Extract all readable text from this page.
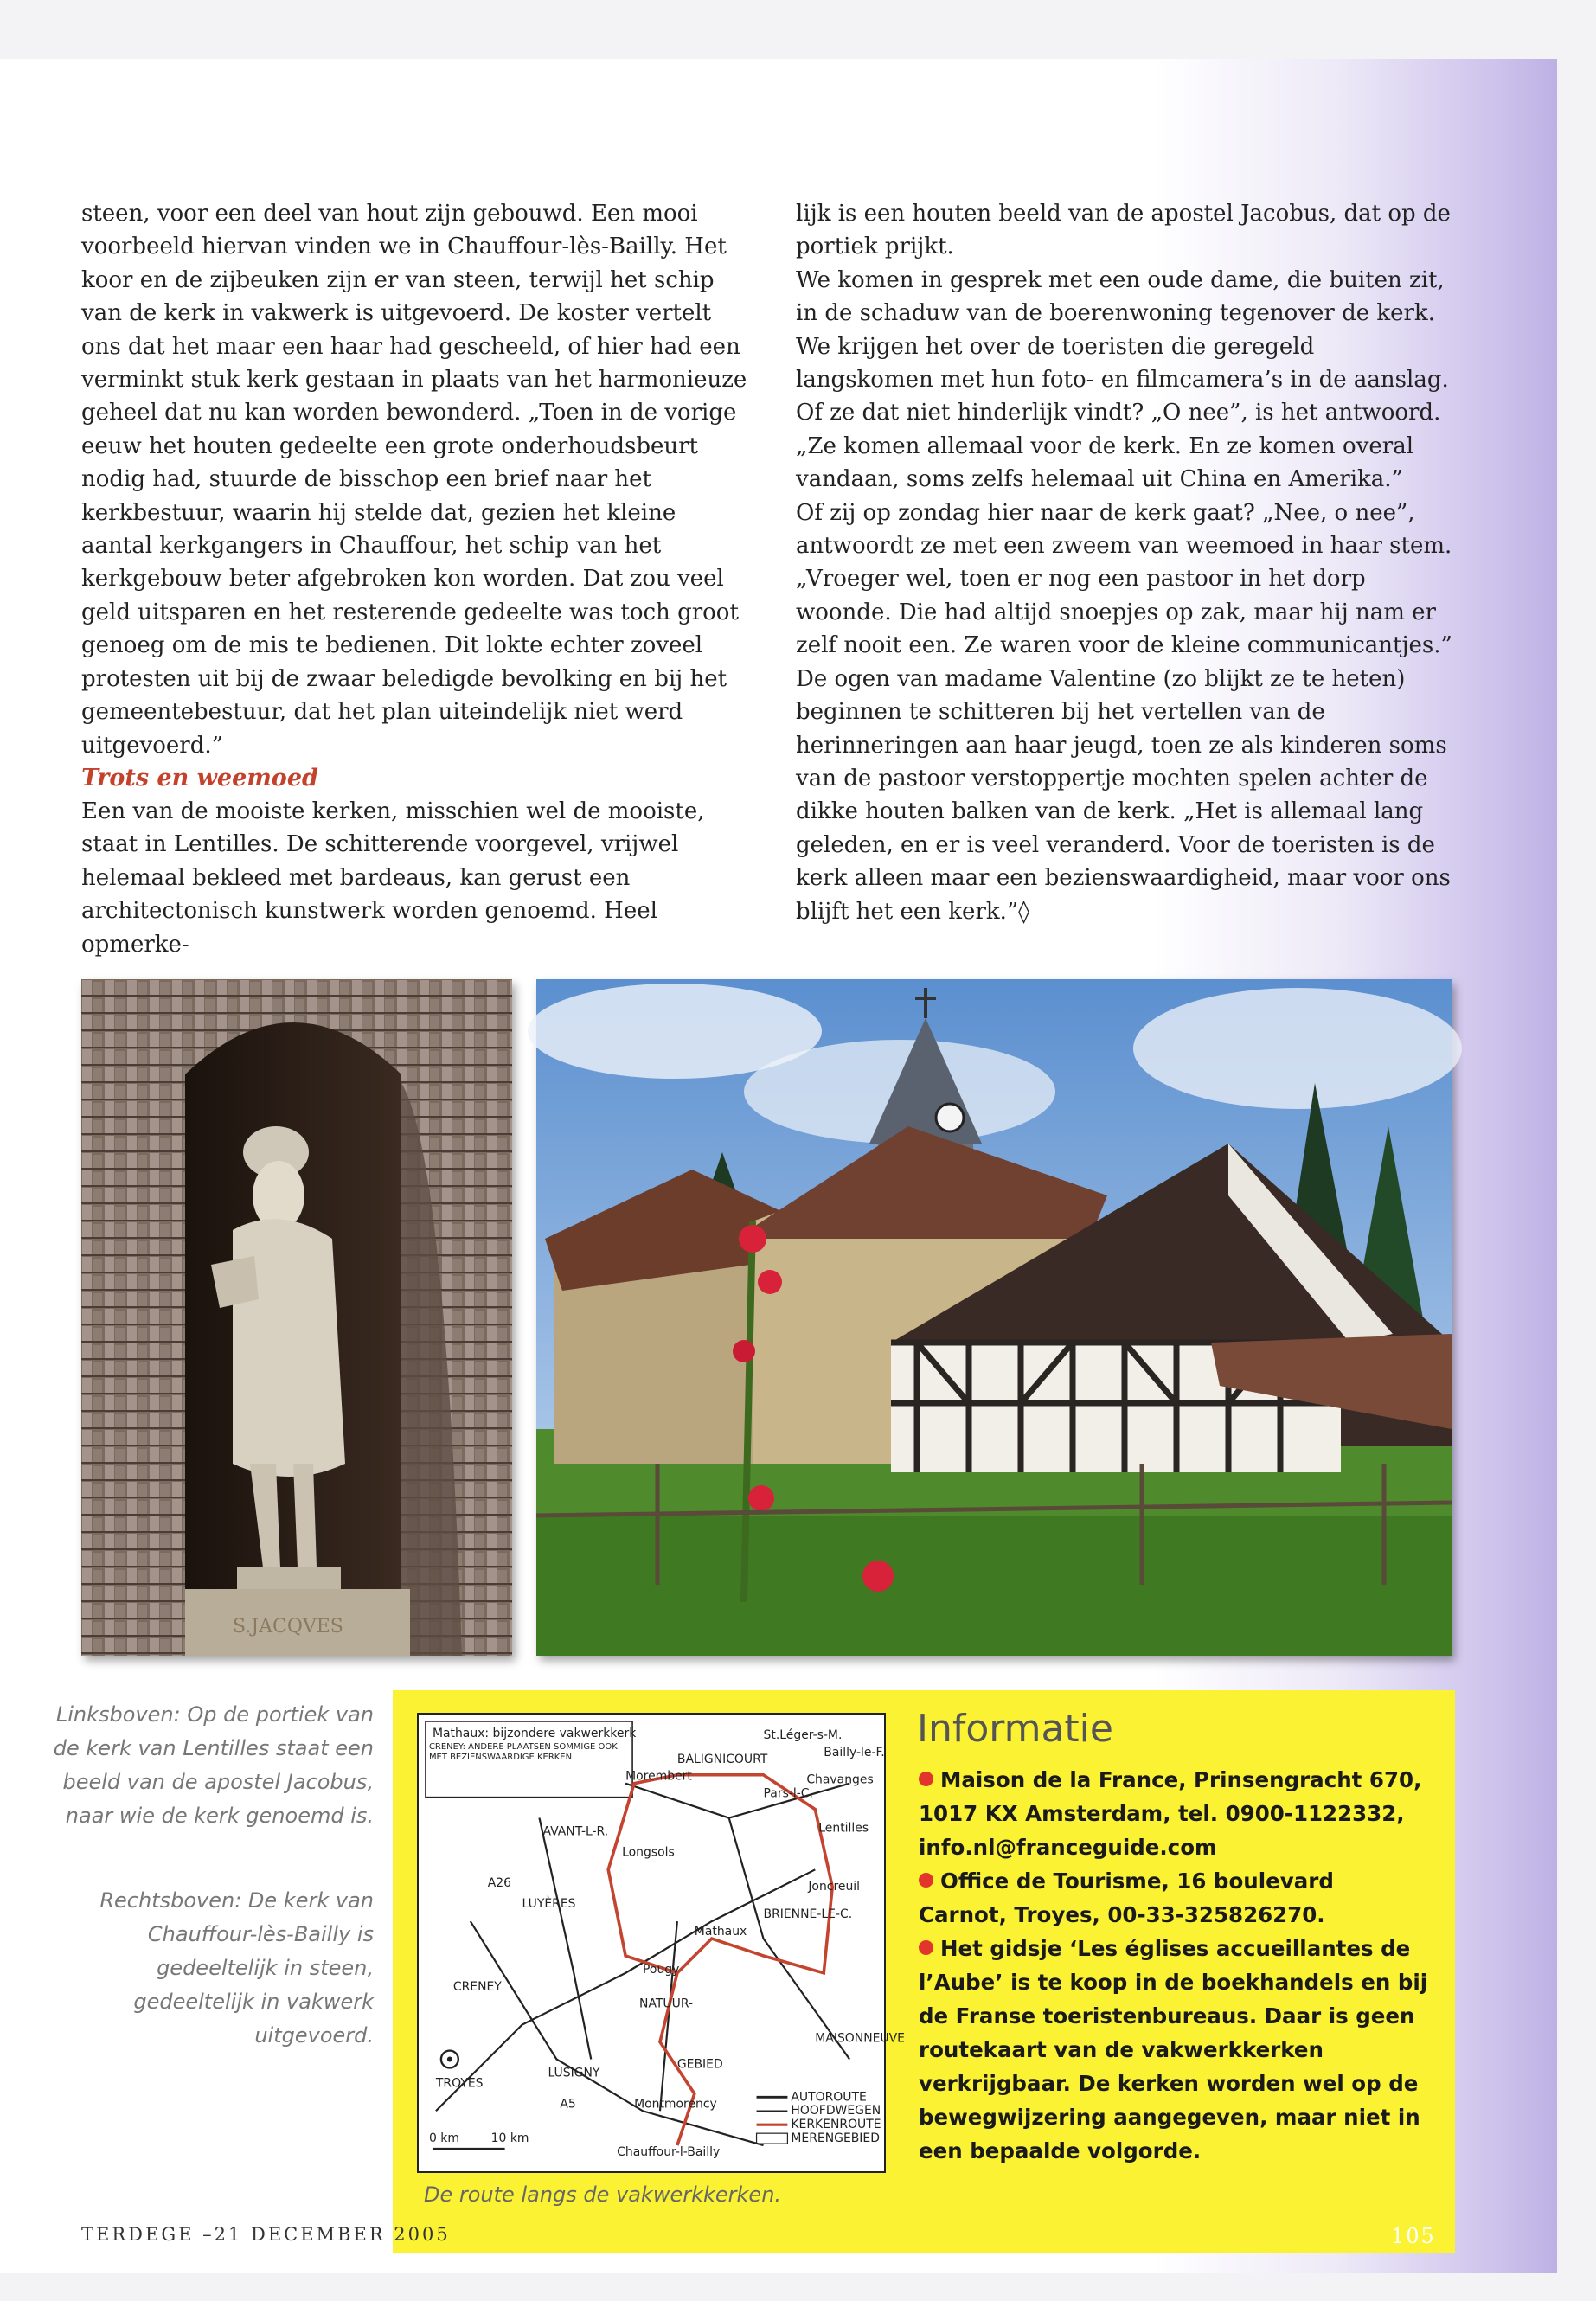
steen, voor een deel van hout zijn gebouwd. Een mooi voorbeeld hiervan vinden we in Chauffour-lès-Bailly. Het koor en de zijbeuken zijn er van steen, terwijl het schip van de kerk in vakwerk is uitgevoerd. De koster vertelt ons dat het maar een haar had gescheeld, of hier had een verminkt stuk kerk gestaan in plaats van het harmonieuze geheel dat nu kan worden bewonderd. „Toen in de vorige eeuw het houten gedeelte een grote onderhoudsbeurt nodig had, stuurde de bisschop een brief naar het kerkbestuur, waarin hij stelde dat, gezien het kleine aantal kerkgangers in Chauffour, het schip van het kerkgebouw beter afgebroken kon worden. Dat zou veel geld uitsparen en het resterende gedeelte was toch groot genoeg om de mis te bedienen. Dit lokte echter zoveel protesten uit bij de zwaar beledigde bevolking en bij het gemeentebestuur, dat het plan uiteindelijk niet werd uitgevoerd.”

Trots en weemoed

Een van de mooiste kerken, misschien wel de mooiste, staat in Lentilles. De schitterende voorgevel, vrijwel helemaal bekleed met bardeaus, kan gerust een architectonisch kunstwerk worden genoemd. Heel opmerke-

lijk is een houten beeld van de apostel Jacobus, dat op de portiek prijkt.

We komen in gesprek met een oude dame, die buiten zit, in de schaduw van de boerenwoning tegenover de kerk. We krijgen het over de toeristen die geregeld langskomen met hun foto- en filmcamera’s in de aanslag. Of ze dat niet hinderlijk vindt? „O nee”, is het antwoord. „Ze komen allemaal voor de kerk. En ze komen overal vandaan, soms zelfs helemaal uit China en Amerika.”

Of zij op zondag hier naar de kerk gaat? „Nee, o nee”, antwoordt ze met een zweem van weemoed in haar stem. „Vroeger wel, toen er nog een pastoor in het dorp woonde. Die had altijd snoepjes op zak, maar hij nam er zelf nooit een. Ze waren voor de kleine communicantjes.” De ogen van madame Valentine (zo blijkt ze te heten) beginnen te schitteren bij het vertellen van de herinneringen aan haar jeugd, toen ze als kinderen soms van de pastoor verstoppertje mochten spelen achter de dikke houten balken van de kerk. „Het is allemaal lang geleden, en er is veel veranderd. Voor de toeristen is de kerk alleen maar een bezienswaardigheid, maar voor ons blijft het een kerk.”◊

S.JACQVES

Linksboven: Op de portiek van de kerk van Lentilles staat een beeld van de apostel Jacobus, naar wie de kerk genoemd is.

Rechtsboven: De kerk van Chauffour-lès-Bailly is gedeeltelijk in steen, gedeeltelijk in vakwerk uitgevoerd.

Mathaux: bijzondere vakwerkkerk
CRENEY: ANDERE PLAATSEN SOMMIGE OOK MET BEZIENSWAARDIGE KERKEN
TROYES
St.Léger-s-M.
BALIGNICOURT
Morembert
Bailly-le-F.
Chavanges
Pars-l-C.
Lentilles
AVANT-L-R.
Longsols
Joncreuil
Mathaux
BRIENNE-LE-C.
LUYÈRES
Pougy
CRENEY
NATUUR-
GEBIED
MAISONNEUVE
LUSIGNY
Montmorency
Chauffour-l-Bailly
A26
A5	AUTOROUTE
HOOFDWEGEN
KERKENROUTE
MERENGEBIED
0 km	10 km

De route langs de vakwerkkerken.

Informatie

Maison de la France, Prinsengracht 670, 1017 KX Amsterdam, tel. 0900-1122332, info.nl@franceguide.com

Office de Tourisme, 16 boulevard Carnot, Troyes, 00-33-325826270.

Het gidsje ‘Les églises accueillantes de l’Aube’ is te koop in de boekhandels en bij de Franse toeristenbureaus. Daar is geen routekaart van de vakwerkkerken verkrijgbaar. De kerken worden wel op de bewegwijzering aangegeven, maar niet in een bepaalde volgorde.

TERDEGE –21 DECEMBER 2005	105
